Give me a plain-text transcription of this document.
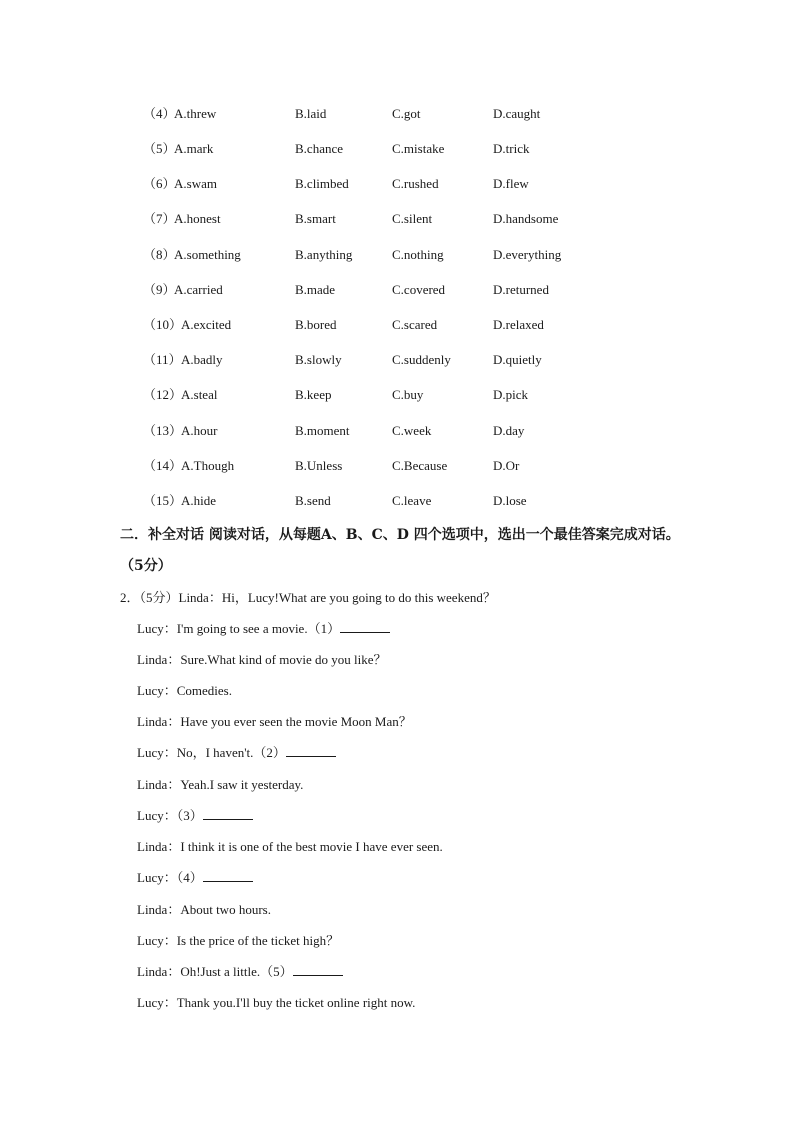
（4）
A.threw	B.laid	C.got	D.caught
（5）
A.mark	B.chance	C.mistake	D.trick
（6）
A.swam	B.climbed	C.rushed	D.flew
（7）
A.honest	B.smart	C.silent	D.handsome
（8）
A.something	B.anything	C.nothing	D.everything
（9）
A.carried	B.made	C.covered	D.returned
（10）
A.excited	B.bored	C.scared	D.relaxed
（11） A.badly	B.slowly	C.suddenly	D.quietly
（12）
A.steal	B.keep	C.buy	D.pick
（13）
A.hour	B.moment	C.week	D.day
（14）
A.Though	B.Unless	C.Because	D.Or
（15）
A.hide	B.send	C.leave	D.lose
二．补全对话 阅读对话，从每题A、B、C、D 四个选项中，选出一个最佳答案完成对话。
（5分）
2．（5分）Linda：Hi，Lucy!What are you going to do this weekend？
Lucy：I'm going to see a movie.（1）
Linda：Sure.What kind of movie do you like？
Lucy：Comedies.
Linda：Have you ever seen the movie Moon Man？
Lucy：No，I haven't.（2）
Linda：Yeah.I saw it yesterday.
Lucy：（3）
Linda：I think it is one of the best movie I have ever seen.
Lucy：（4）
Linda：About two hours.
Lucy：Is the price of the ticket high？
Linda：Oh!Just a little.（5）
Lucy：Thank you.I'll buy the ticket online right now.
